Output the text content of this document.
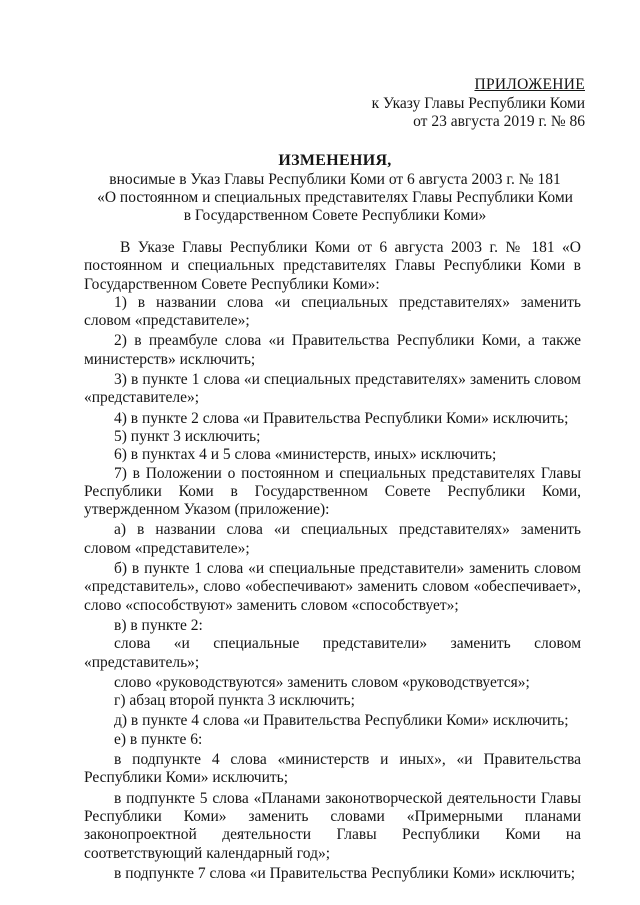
ПРИЛОЖЕНИЕ
к Указу Главы Республики Коми
от 23 августа 2019 г. № 86
ИЗМЕНЕНИЯ,
вносимые в Указ Главы Республики Коми от 6 августа 2003 г. № 181
«О постоянном и специальных представителях Главы Республики Коми
в Государственном Совете Республики Коми»

В Указе Главы Республики Коми от 6 августа 2003 г. № 181 «О постоянном и специальных представителях Главы Республики Коми в Государственном Совете Республики Коми»:

1) в названии слова «и специальных представителях» заменить словом «представителе»;

2) в преамбуле слова «и Правительства Республики Коми, а также министерств» исключить;

3) в пункте 1 слова «и специальных представителях» заменить словом «представителе»;

4) в пункте 2 слова «и Правительства Республики Коми» исключить;

5) пункт 3 исключить;

6) в пунктах 4 и 5 слова «министерств, иных» исключить;

7) в Положении о постоянном и специальных представителях Главы Республики Коми в Государственном Совете Республики Коми, утвержденном Указом (приложение):

а) в названии слова «и специальных представителях» заменить словом «представителе»;

б) в пункте 1 слова «и специальные представители» заменить словом «представитель», слово «обеспечивают» заменить словом «обеспечивает», слово «способствуют» заменить словом «способствует»;

в) в пункте 2:

слова «и специальные представители» заменить словом «представитель»;

слово «руководствуются» заменить словом «руководствуется»;

г) абзац второй пункта 3 исключить;

д) в пункте 4 слова «и Правительства Республики Коми» исключить;

е) в пункте 6:

в подпункте 4 слова «министерств и иных», «и Правительства Республики Коми» исключить;

в подпункте 5 слова «Планами законотворческой деятельности Главы Республики Коми» заменить словами «Примерными планами законопроектной деятельности Главы Республики Коми на соответствующий календарный год»;

в подпункте 7 слова «и Правительства Республики Коми» исключить;
